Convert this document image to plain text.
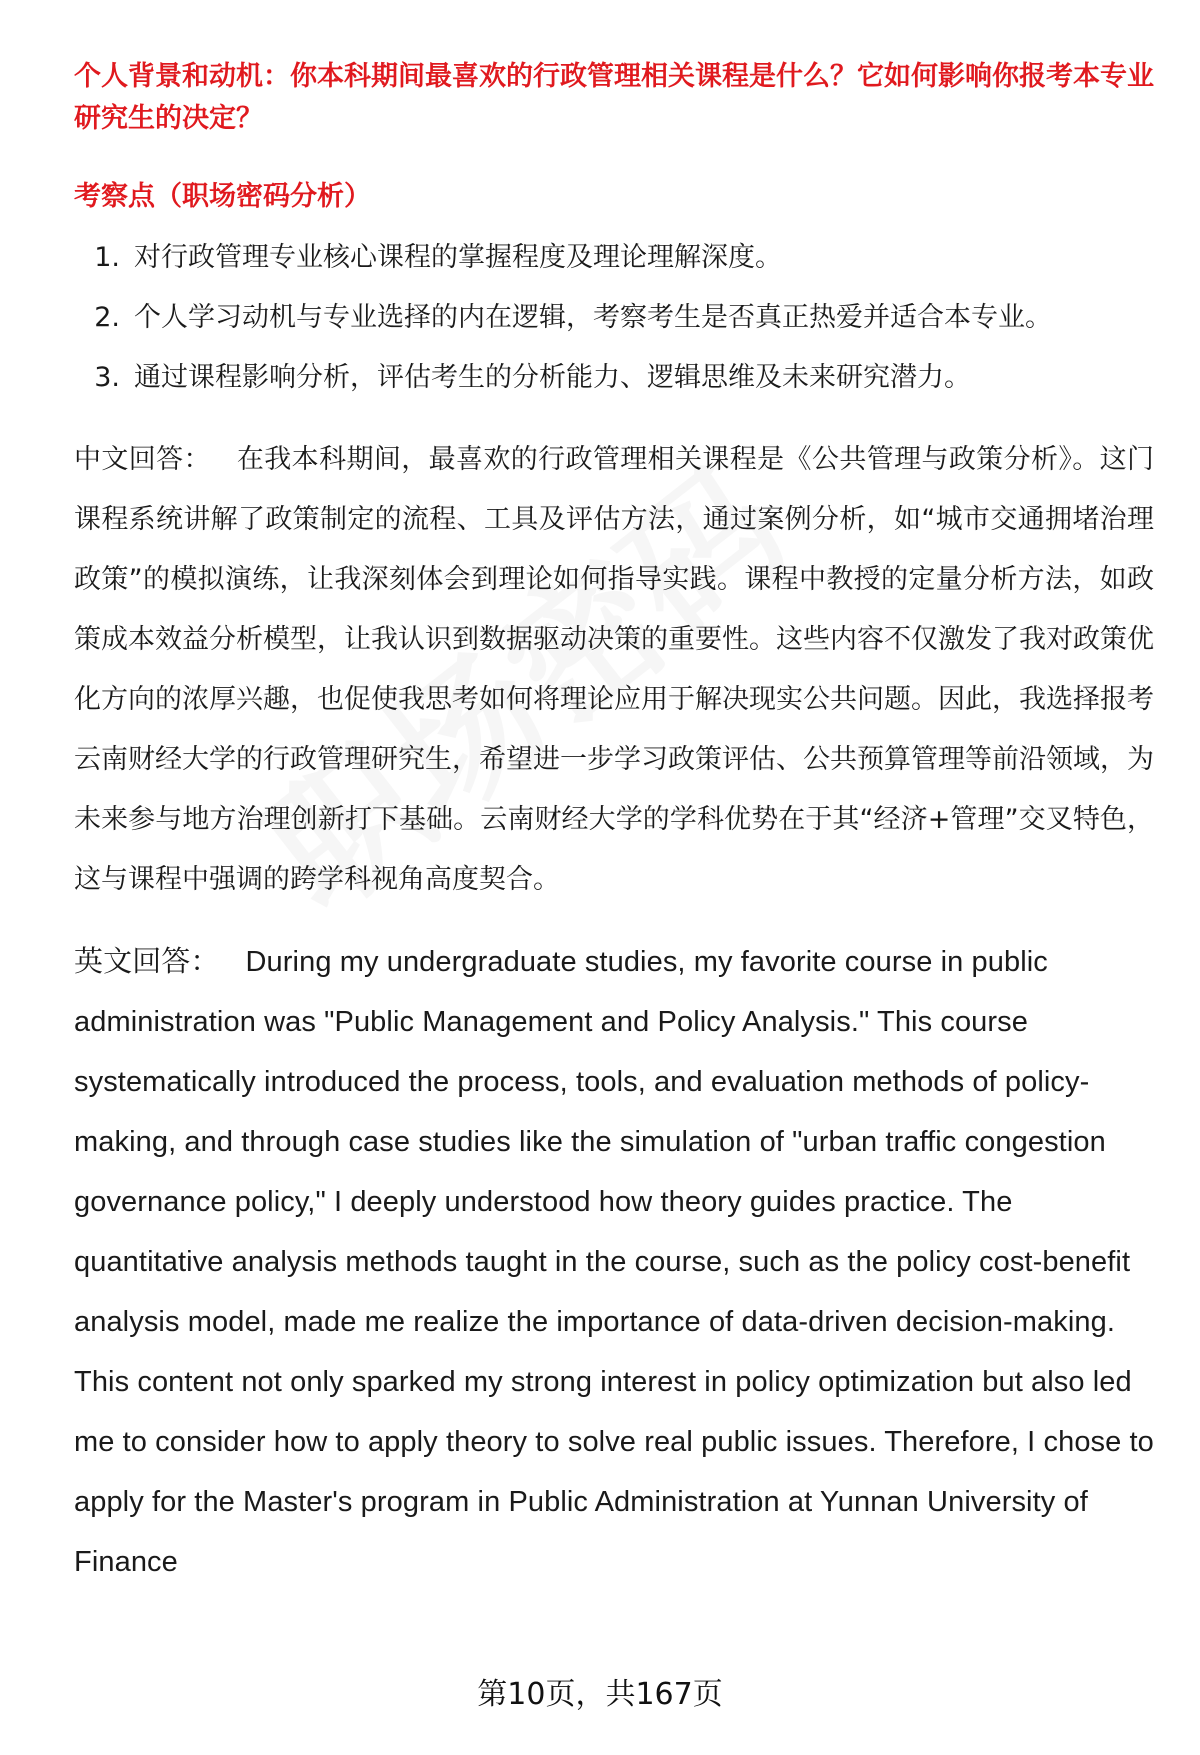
个人背景和动机：你本科期间最喜欢的行政管理相关课程是什么？它如何影响你报考本专业研究生的决定？

考察点（职场密码分析）

1. 对行政管理专业核心课程的掌握程度及理论理解深度。
2. 个人学习动机与专业选择的内在逻辑，考察考生是否真正热爱并适合本专业。
3. 通过课程影响分析，评估考生的分析能力、逻辑思维及未来研究潜力。

中文回答： 在我本科期间，最喜欢的行政管理相关课程是《公共管理与政策分析》。这门课程系统讲解了政策制定的流程、工具及评估方法，通过案例分析，如“城市交通拥堵治理政策”的模拟演练，让我深刻体会到理论如何指导实践。课程中教授的定量分析方法，如政策成本效益分析模型，让我认识到数据驱动决策的重要性。这些内容不仅激发了我对政策优化方向的浓厚兴趣，也促使我思考如何将理论应用于解决现实公共问题。因此，我选择报考云南财经大学的行政管理研究生，希望进一步学习政策评估、公共预算管理等前沿领域，为未来参与地方治理创新打下基础。云南财经大学的学科优势在于其“经济+管理”交叉特色，这与课程中强调的跨学科视角高度契合。

英文回答： During my undergraduate studies, my favorite course in public administration was "Public Management and Policy Analysis." This course systematically introduced the process, tools, and evaluation methods of policy-making, and through case studies like the simulation of "urban traffic congestion governance policy," I deeply understood how theory guides practice. The quantitative analysis methods taught in the course, such as the policy cost-benefit analysis model, made me realize the importance of data-driven decision-making. This content not only sparked my strong interest in policy optimization but also led me to consider how to apply theory to solve real public issues. Therefore, I chose to apply for the Master's program in Public Administration at Yunnan University of Finance

第10页，共167页
